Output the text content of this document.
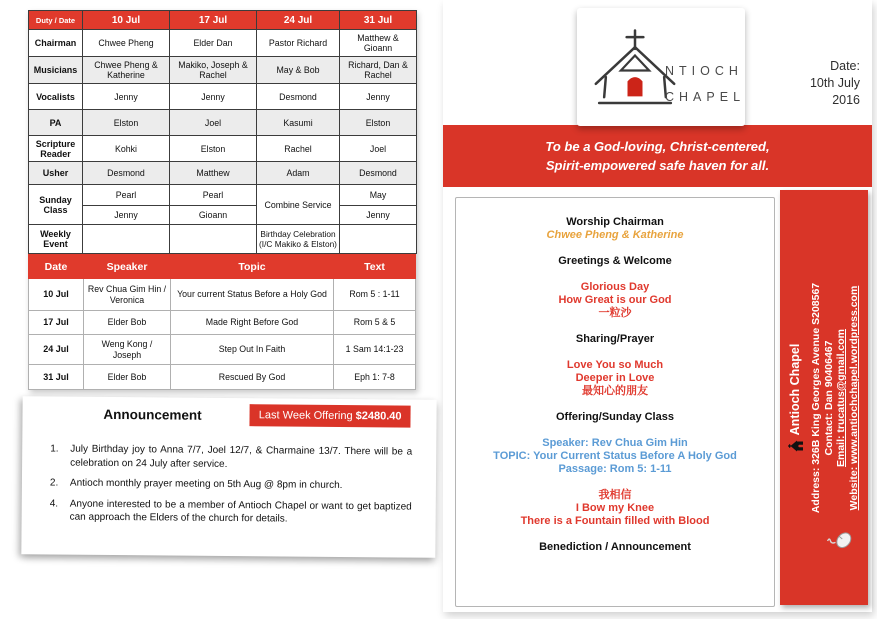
Duty / Date	10 Jul	17 Jul	24 Jul	31 Jul
Chairman	Chwee Pheng	Elder Dan	Pastor Richard	Matthew & Gioann
Musicians	Chwee Pheng & Katherine	Makiko, Joseph & Rachel	May & Bob	Richard, Dan & Rachel
Vocalists	Jenny	Jenny	Desmond	Jenny
PA	Elston	Joel	Kasumi	Elston
Scripture Reader	Kohki	Elston	Rachel	Joel
Usher	Desmond	Matthew	Adam	Desmond
Sunday Class	Pearl	Pearl	Combine Service	May
	Jenny	Gioann		Jenny
Weekly Event			Birthday Celebration (I/C Makiko & Elston)	
Date	Speaker	Topic	Text
10 Jul	Rev Chua Gim Hin / Veronica	Your current Status Before a Holy God	Rom 5 : 1-11
17 Jul	Elder Bob	Made Right Before God	Rom 5 & 5
24 Jul	Weng Kong / Joseph	Step Out In Faith	1 Sam 14:1-23
31 Jul	Elder Bob	Rescued By God	Eph 1: 7-8
Announcement	Last Week Offering $2480.40
1.	July Birthday joy to Anna 7/7, Joel 12/7, & Charmaine 13/7. There will be a celebration on 24 July after service.
2.	Antioch monthly prayer meeting on 5th Aug @ 8pm in church.
4.	Anyone interested to be a member of Antioch Chapel or want to get baptized can approach the Elders of the church for details.
NTIOCH
CHAPEL
Date:
10th July
2016
To be a God-loving, Christ-centered,
Spirit-empowered safe haven for all.
Worship Chairman
Chwee Pheng & Katherine
Greetings & Welcome
Glorious Day
How Great is our God
一粒沙
Sharing/Prayer
Love You so Much
Deeper in Love
最知心的朋友
Offering/Sunday Class
Speaker: Rev Chua Gim Hin
TOPIC: Your Current Status Before A Holy God
Passage: Rom 5: 1-11
我相信
I Bow my Knee
There is a Fountain filled with Blood
Benediction / Announcement
Antioch Chapel Address: 326B King Georges Avenue S208567 Contact: Dan 90406467 Email: trucatus@gmail.com Website: www.antiochchapel.wordpress.com
